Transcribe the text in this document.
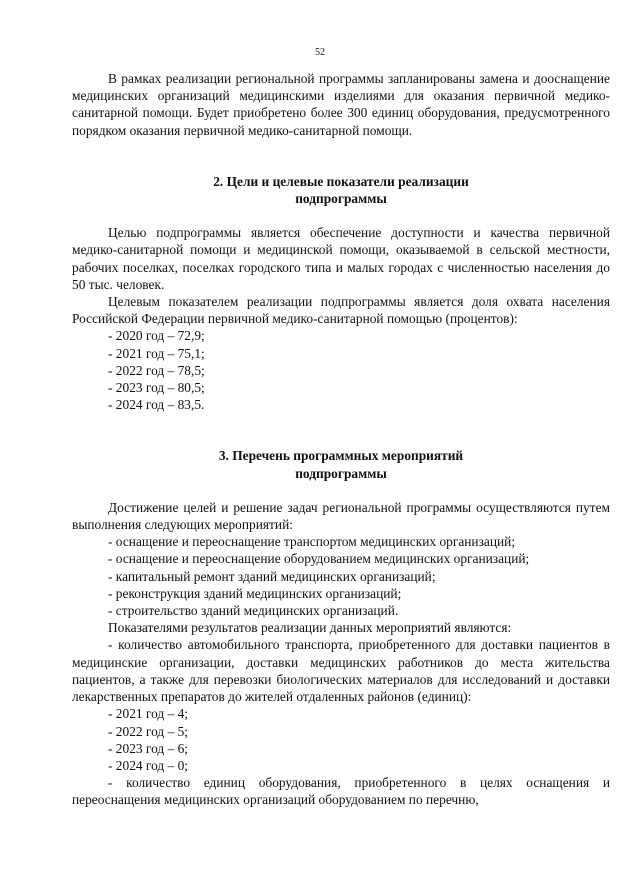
52

В рамках реализации региональной программы запланированы замена и дооснащение медицинских организаций медицинскими изделиями для оказания первичной медико-санитарной помощи. Будет приобретено более 300 единиц оборудования, предусмотренного порядком оказания первичной медико-санитарной помощи.

2. Цели и целевые показатели реализации

подпрограммы

Целью подпрограммы является обеспечение доступности и качества первичной медико-санитарной помощи и медицинской помощи, оказываемой в сельской местности, рабочих поселках, поселках городского типа и малых городах с численностью населения до 50 тыс. человек.

Целевым показателем реализации подпрограммы является доля охвата населения Российской Федерации первичной медико-санитарной помощью (процентов):

- 2020 год – 72,9;
- 2021 год – 75,1;
- 2022 год – 78,5;
- 2023 год – 80,5;
- 2024 год – 83,5.

3. Перечень программных мероприятий

подпрограммы

Достижение целей и решение задач региональной программы осуществляются путем выполнения следующих мероприятий:

- оснащение и переоснащение транспортом медицинских организаций;
- оснащение и переоснащение оборудованием медицинских организаций;
- капитальный ремонт зданий медицинских организаций;
- реконструкция зданий медицинских организаций;
- строительство зданий медицинских организаций.

Показателями результатов реализации данных мероприятий являются:

- количество автомобильного транспорта, приобретенного для доставки пациентов в медицинские организации, доставки медицинских работников до места жительства пациентов, а также для перевозки биологических материалов для исследований и доставки лекарственных препаратов до жителей отдаленных районов (единиц):
- 2021 год – 4;
- 2022 год – 5;
- 2023 год – 6;
- 2024 год – 0;
- количество единиц оборудования, приобретенного в целях оснащения и переоснащения медицинских организаций оборудованием по перечню,
